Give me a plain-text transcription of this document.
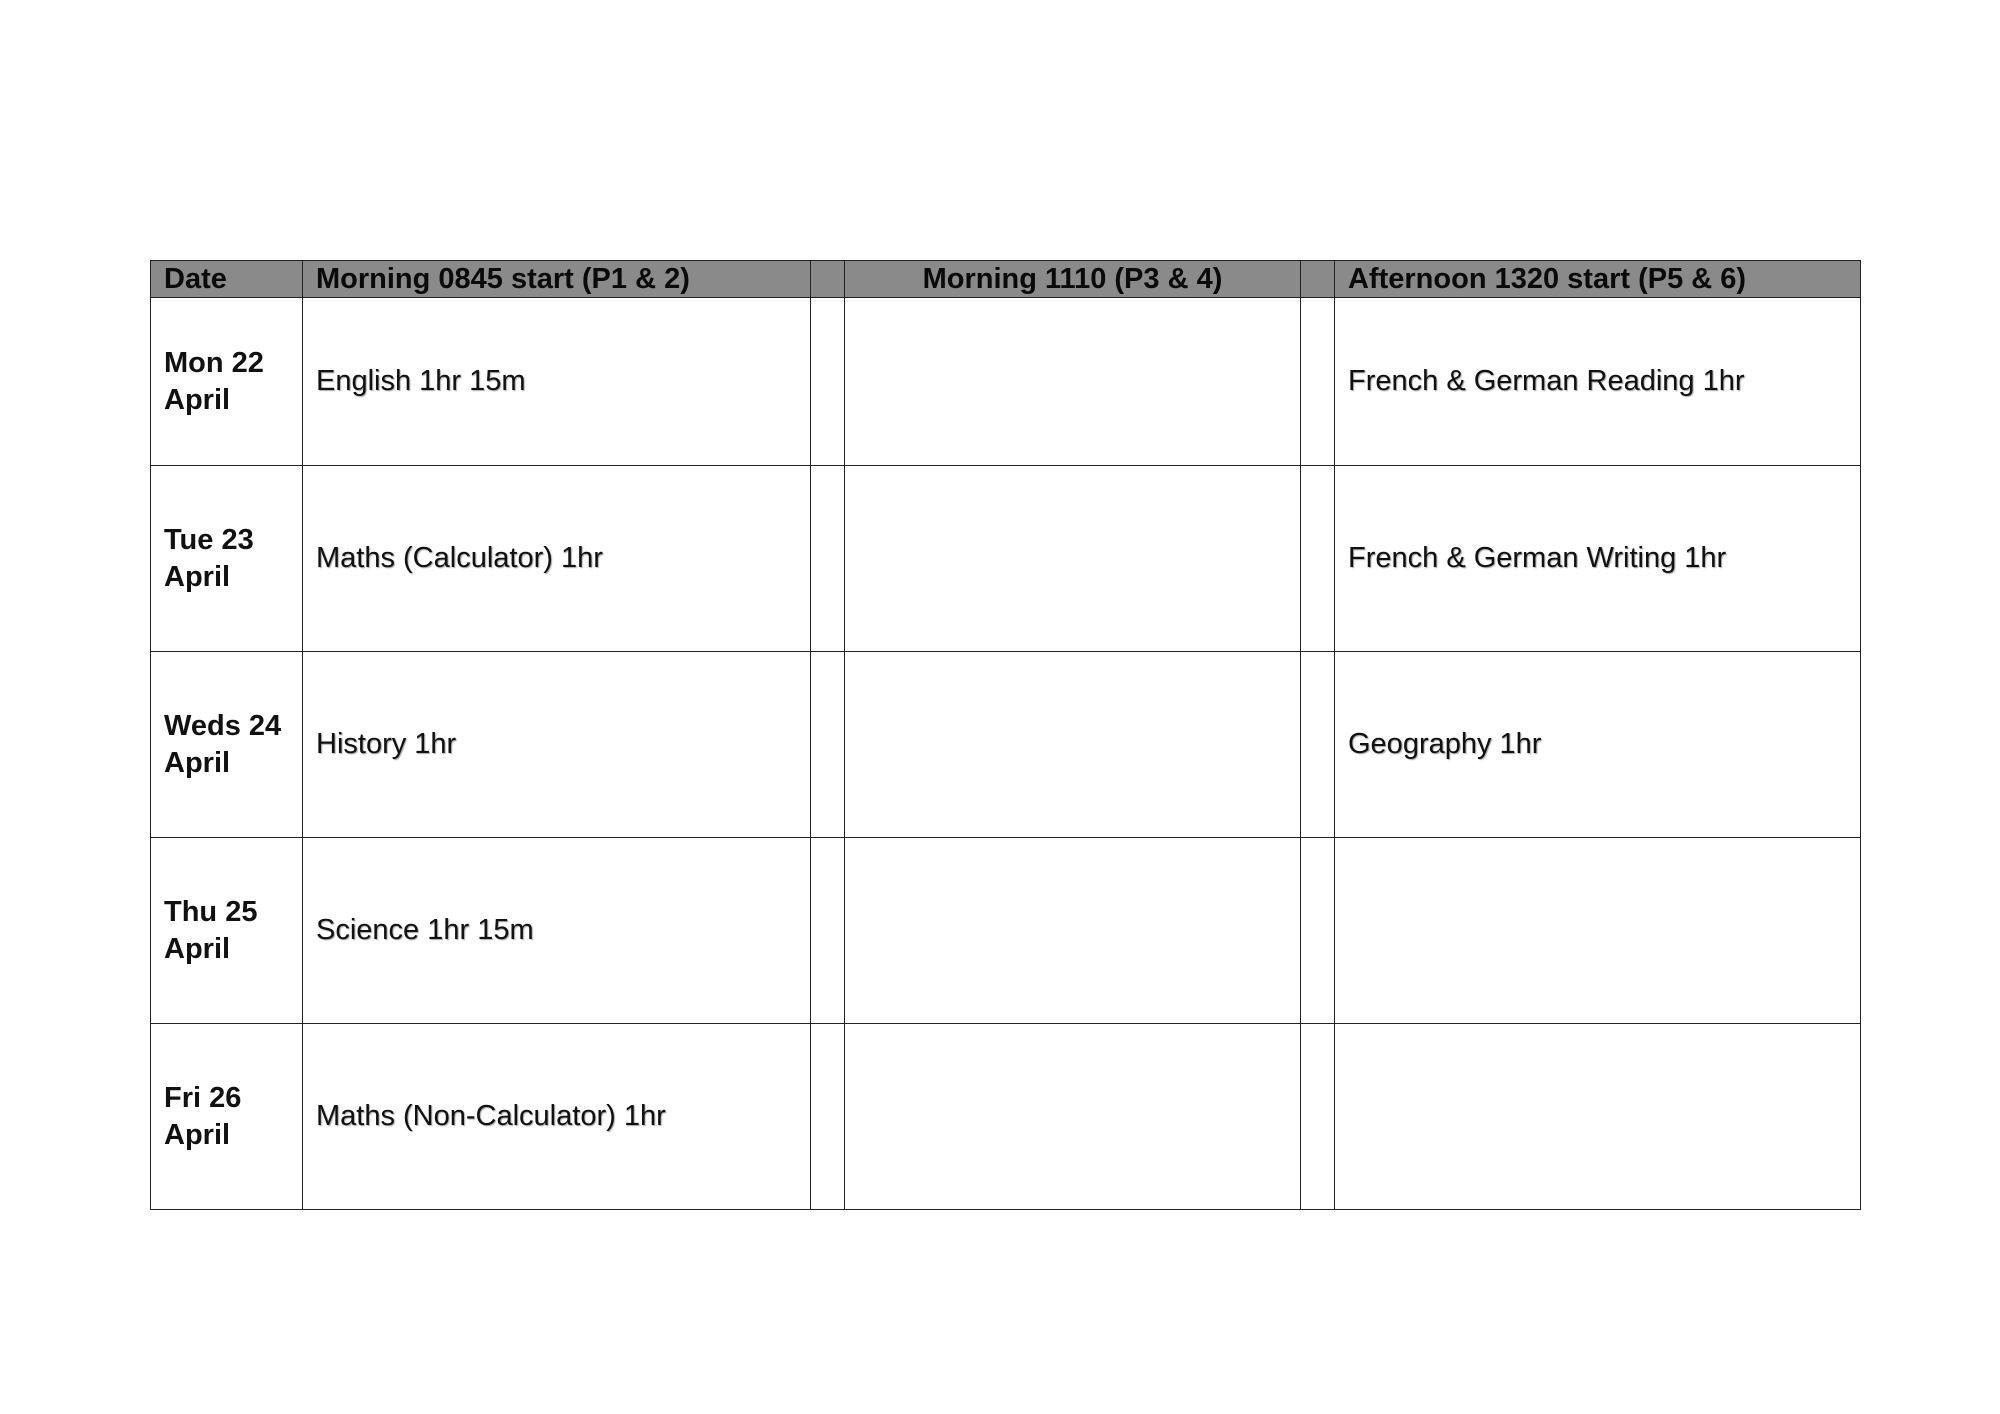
Date	Morning 0845 start (P1 & 2)		Morning 1110 (P3 & 4)		Afternoon 1320 start (P5 & 6)

Mon 22
April	English 1hr 15m				French & German Reading 1hr

Tue 23
April	Maths (Calculator) 1hr				French & German Writing 1hr

Weds 24
April	History 1hr				Geography 1hr

Thu 25
April	Science 1hr 15m				

Fri 26
April	Maths (Non-Calculator) 1hr				
